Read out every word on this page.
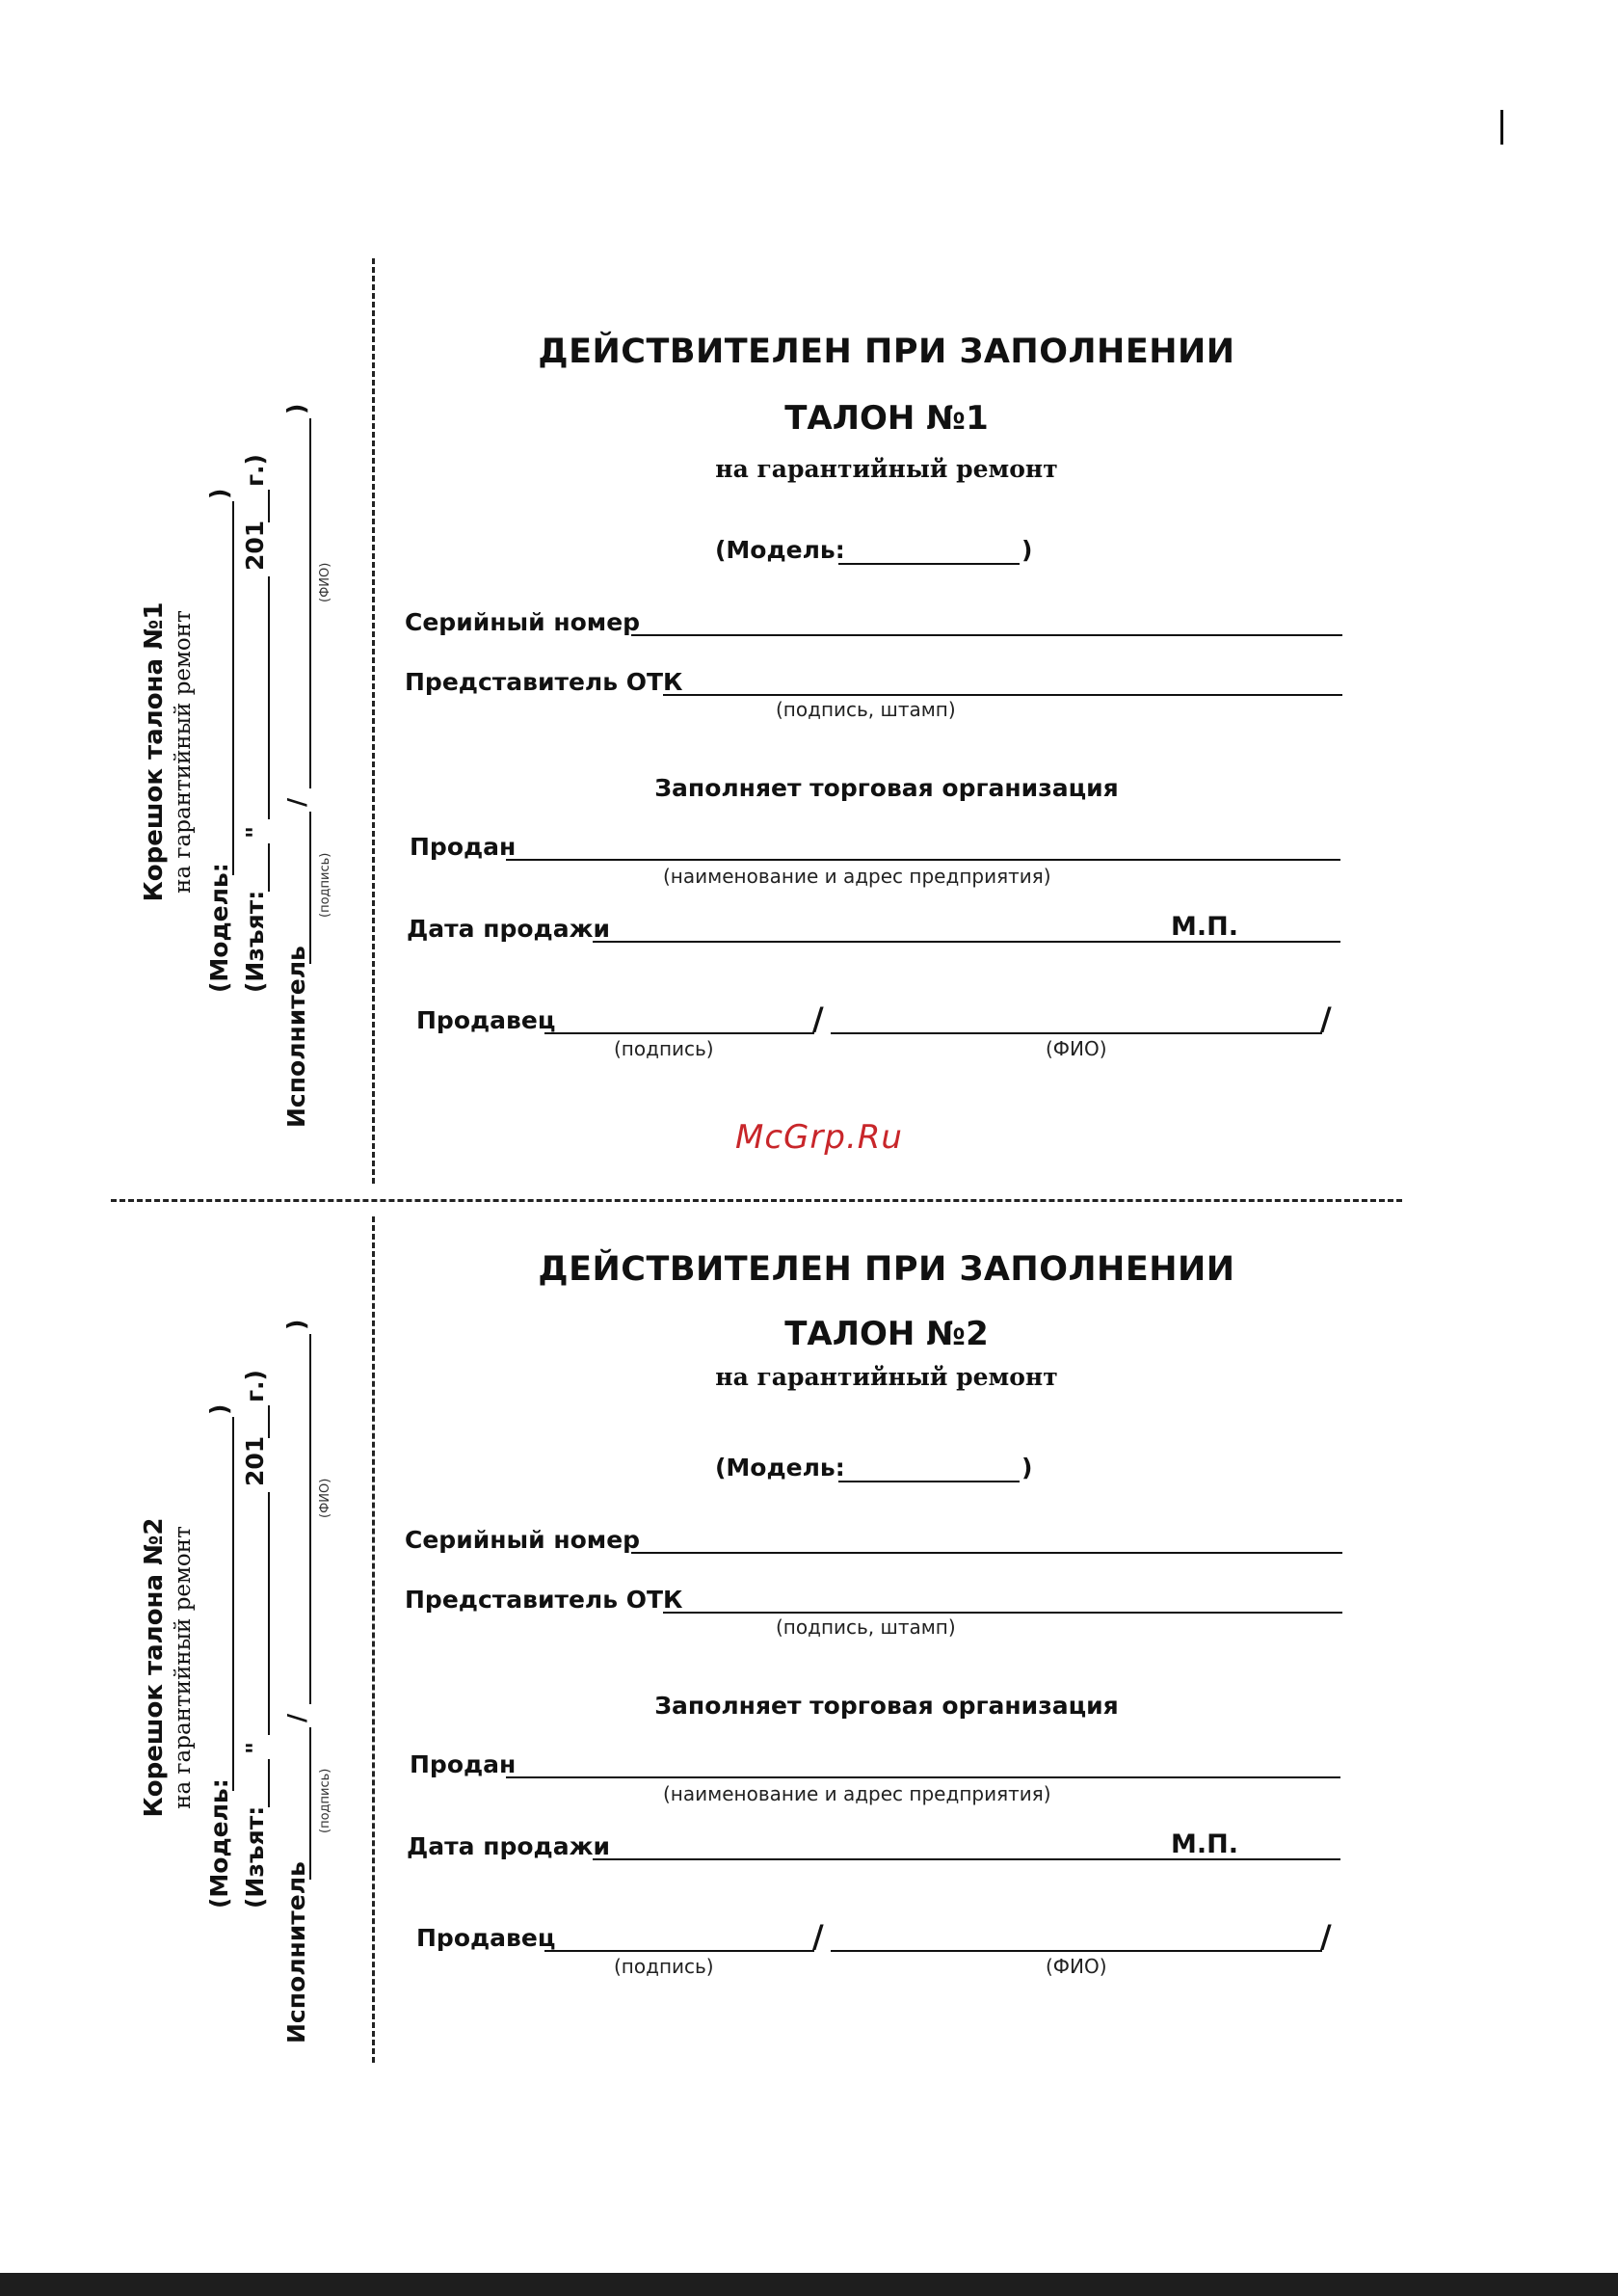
ДЕЙСТВИТЕЛЕН ПРИ ЗАПОЛНЕНИИ
ТАЛОН №1
на гарантийный ремонт
(Модель:	)
Серийный номер
Представитель ОТК
(подпись, штамп)
Заполняет торговая организация
Продан
(наименование и адрес предприятия)
Дата продажи	М.П.
Продавец	/	/
(подпись)	(ФИО)
McGrp.Ru
ДЕЙСТВИТЕЛЕН ПРИ ЗАПОЛНЕНИИ
ТАЛОН №2
на гарантийный ремонт
(Модель:	)
Серийный номер
Представитель ОТК
(подпись, штамп)
Заполняет торговая организация
Продан
(наименование и адрес предприятия)
Дата продажи	М.П.
Продавец	/	/
(подпись)	(ФИО)
Корешок талона №1 на гарантийный ремонт
(Модель:
)
(Изъят:
"
201
г.)
Исполнитель
/
)
(подпись)
(ФИО)
Корешок талона №2 на гарантийный ремонт
(Модель:
)
(Изъят:
"
201
г.)
Исполнитель
/
)
(подпись)
(ФИО)
